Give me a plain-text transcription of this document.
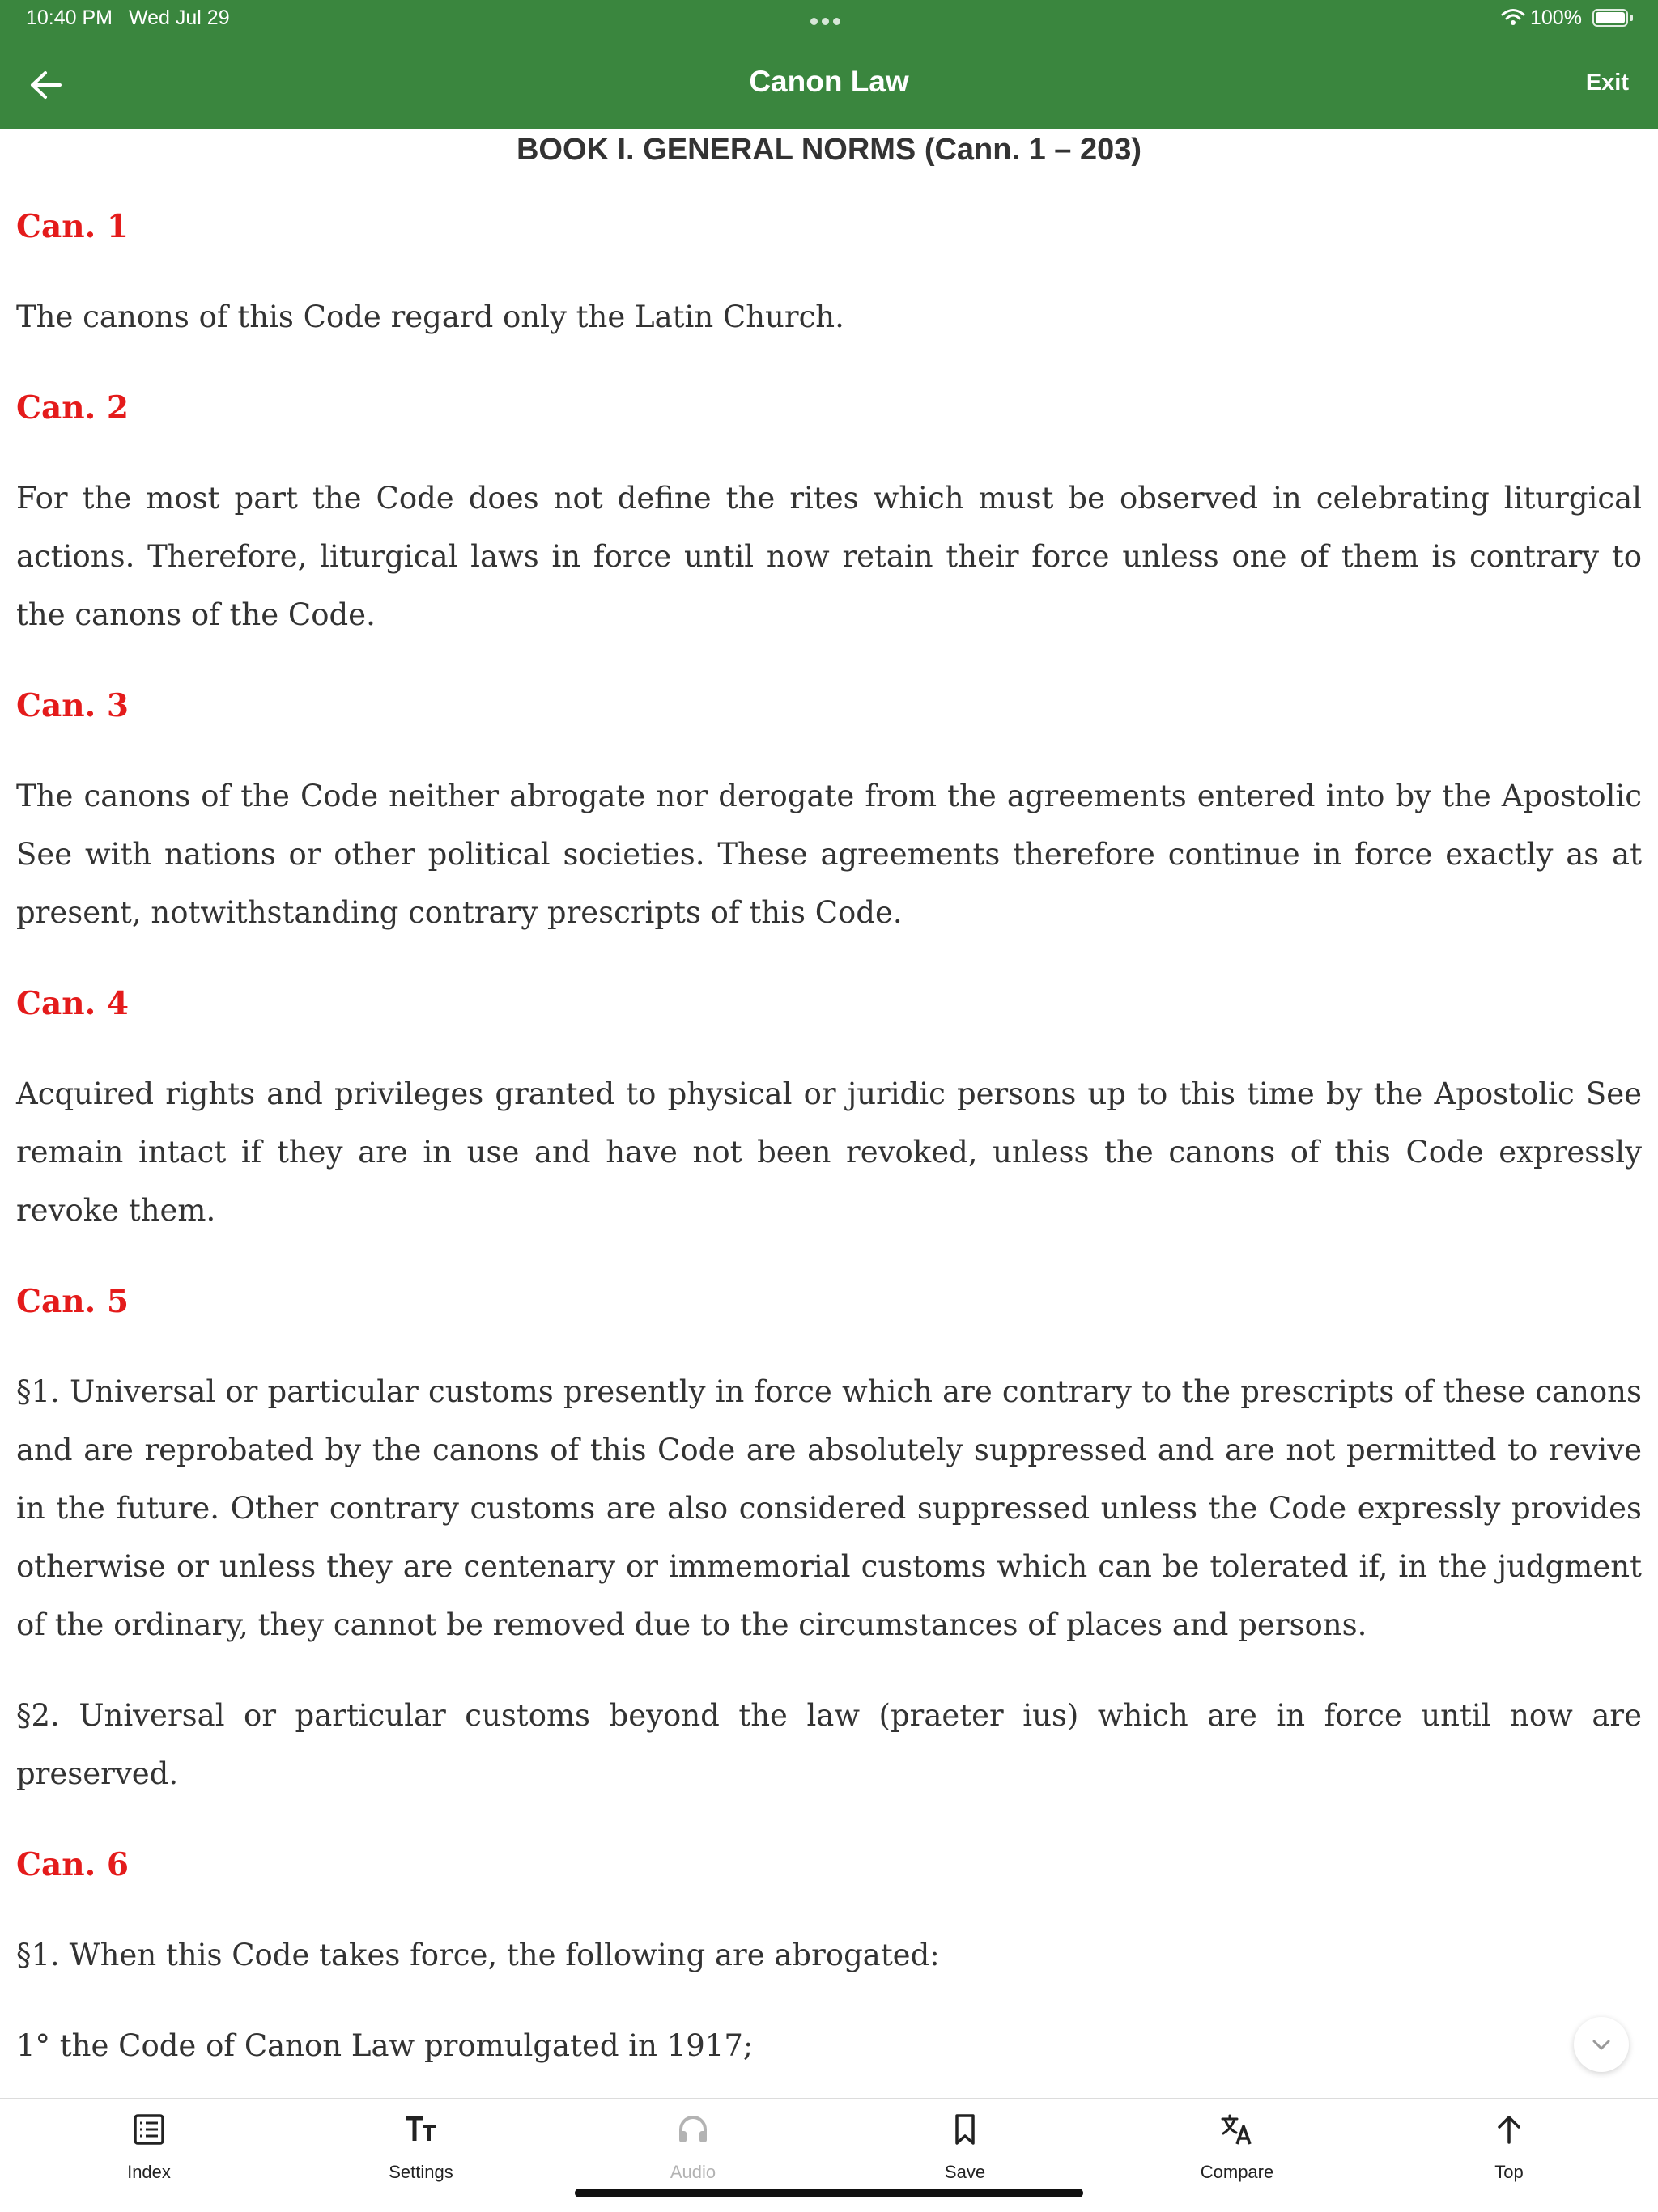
10:40 PM Wed Jul 29	100%
Canon Law	Exit
BOOK I. GENERAL NORMS (Cann. 1 – 203)
Can. 1

The canons of this Code regard only the Latin Church.

Can. 2

For the most part the Code does not define the rites which must be observed in celebrating liturgical actions. Therefore, liturgical laws in force until now retain their force unless one of them is contrary to the canons of the Code.

Can. 3

The canons of the Code neither abrogate nor derogate from the agreements entered into by the Apostolic See with nations or other political societies. These agreements therefore continue in force exactly as at present, notwithstanding contrary prescripts of this Code.

Can. 4

Acquired rights and privileges granted to physical or juridic persons up to this time by the Apostolic See remain intact if they are in use and have not been revoked, unless the canons of this Code expressly revoke them.

Can. 5

§1. Universal or particular customs presently in force which are contrary to the prescripts of these canons and are reprobated by the canons of this Code are absolutely suppressed and are not permitted to revive in the future. Other contrary customs are also considered suppressed unless the Code expressly provides otherwise or unless they are centenary or immemorial customs which can be tolerated if, in the judgment of the ordinary, they cannot be removed due to the circumstances of places and persons.

§2. Universal or particular customs beyond the law (praeter ius) which are in force until now are preserved.

Can. 6

§1. When this Code takes force, the following are abrogated:

1° the Code of Canon Law promulgated in 1917;

Index	Settings	Audio	Save	Compare	Top
